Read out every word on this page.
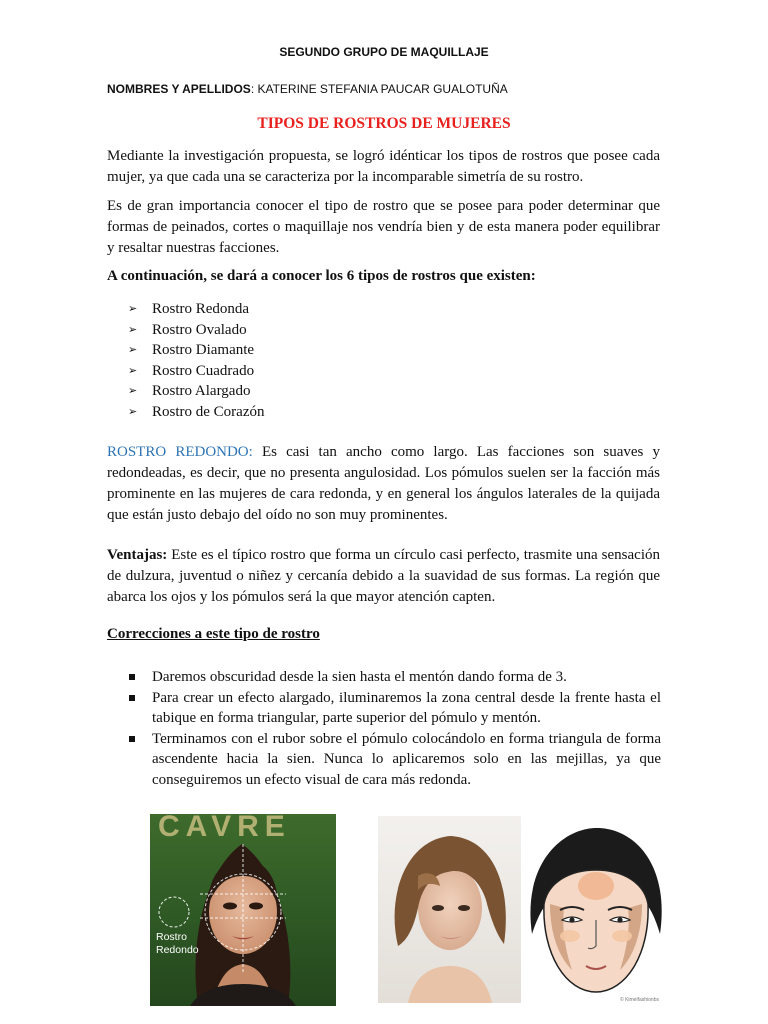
SEGUNDO GRUPO DE MAQUILLAJE
NOMBRES Y APELLIDOS: KATERINE STEFANIA PAUCAR GUALOTUÑA
TIPOS DE ROSTROS DE MUJERES
Mediante la investigación propuesta, se logró idénticar los tipos de rostros que posee cada mujer, ya que cada una se caracteriza por la incomparable simetría de su rostro.
Es de gran importancia conocer el tipo de rostro que se posee para poder determinar que formas de peinados, cortes o maquillaje nos vendría bien y de esta manera poder equilibrar y resaltar nuestras facciones.
A continuación, se dará a conocer los 6 tipos de rostros que existen:
➢ Rostro Redonda
➢ Rostro Ovalado
➢ Rostro Diamante
➢ Rostro Cuadrado
➢ Rostro Alargado
➢ Rostro de Corazón
ROSTRO REDONDO: Es casi tan ancho como largo. Las facciones son suaves y redondeadas, es decir, que no presenta angulosidad. Los pómulos suelen ser la facción más prominente en las mujeres de cara redonda, y en general los ángulos laterales de la quijada que están justo debajo del oído no son muy prominentes.
Ventajas: Este es el típico rostro que forma un círculo casi perfecto, trasmite una sensación de dulzura, juventud o niñez y cercanía debido a la suavidad de sus formas. La región que abarca los ojos y los pómulos será la que mayor atención capten.
Correcciones a este tipo de rostro
Daremos obscuridad desde la sien hasta el mentón dando forma de 3.
Para crear un efecto alargado, iluminaremos la zona central desde la frente hasta el tabique en forma triangular, parte superior del pómulo y mentón.
Terminamos con el rubor sobre el pómulo colocándolo en forma triangula de forma ascendente hacia la sien. Nunca lo aplicaremos solo en las mejillas, ya que conseguiremos un efecto visual de cara más redonda.
CAVRE
Rostro
Redondo
© Kimelfashionbs
